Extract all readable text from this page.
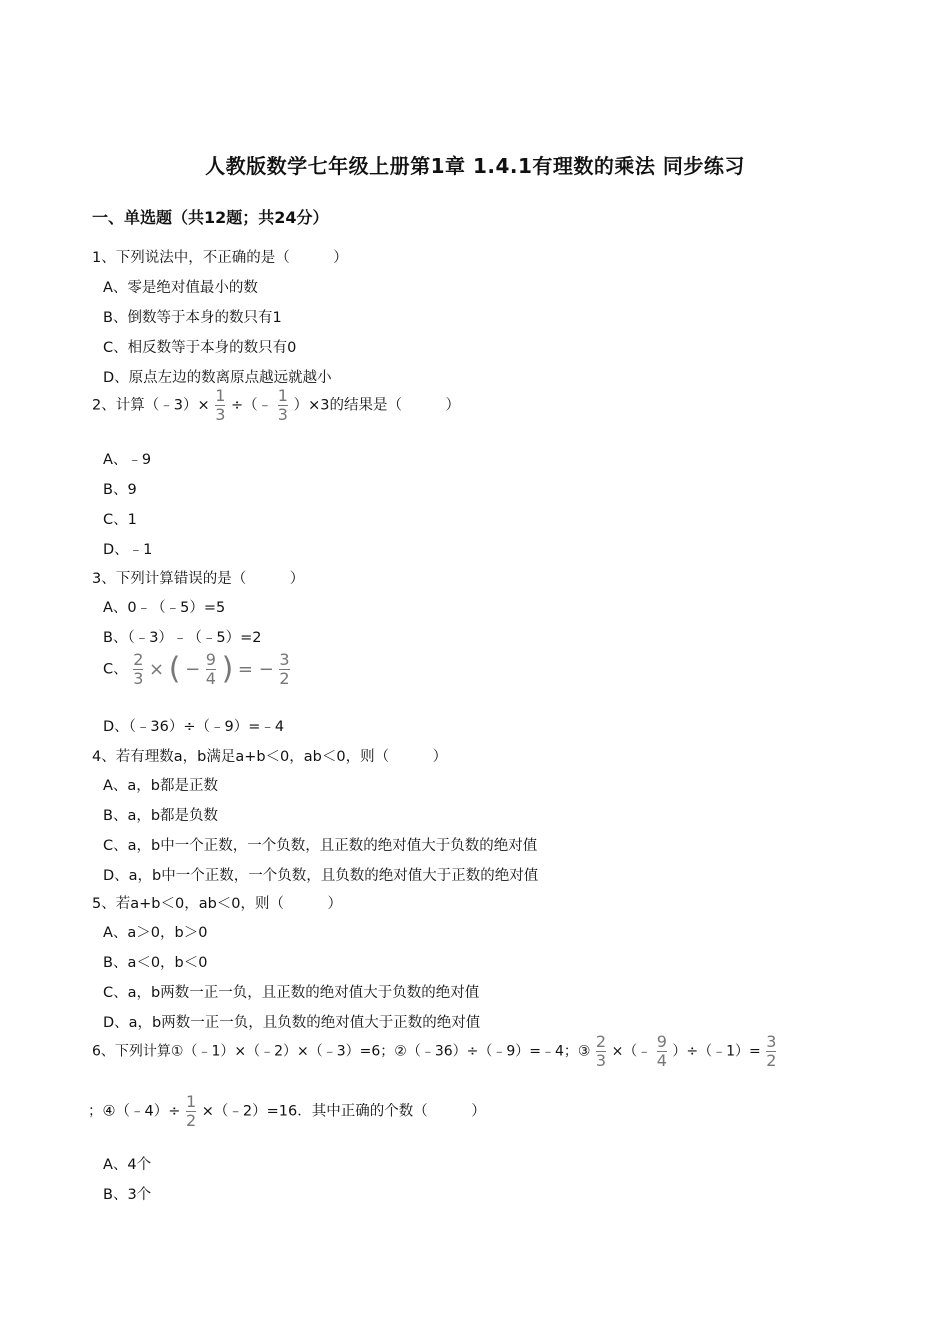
人教版数学七年级上册第1章 1.4.1有理数的乘法 同步练习
一、单选题（共12题；共24分）
1、下列说法中，不正确的是（　　　）
A、零是绝对值最小的数
B、倒数等于本身的数只有1
C、相反数等于本身的数只有0
D、原点左边的数离原点越远就越小
2、计算（﹣3）× $\frac{1}{3}$ ÷（﹣ $\frac{1}{3} )\times 3$的结果是（　　　）
A、﹣9
B、9
C、1
D、﹣1
3、下列计算错误的是（　　　）
A、0﹣（﹣5）=5
B、（﹣3）﹣（﹣5）=2
C、 $\frac{2}{3}$ × ( − $\frac{9}{4}$ ) = − $\frac{3}{2}$
D、（﹣36）÷（﹣9）=﹣4
4、若有理数a，b满足a+b＜0，ab＜0，则（　　　）
A、a，b都是正数
B、a，b都是负数
C、a，b中一个正数，一个负数，且正数的绝对值大于负数的绝对值
D、a，b中一个正数，一个负数，且负数的绝对值大于正数的绝对值
5、若a+b＜0，ab＜0，则（　　　）
A、a＞0，b＞0
B、a＜0，b＜0
C、a，b两数一正一负，且正数的绝对值大于负数的绝对值
D、a，b两数一正一负，且负数的绝对值大于正数的绝对值
6、下列计算①（﹣1）×（﹣2）×（﹣3）=6；②（﹣36）÷（﹣9）=﹣4；③ $\frac{2}{3}$ ×（﹣ $\frac{9}{4}$ ）÷（﹣1）= $\frac{3}{2}$
；④（﹣4）÷ $\frac{1}{2}$ ×（﹣2）=16．其中正确的个数（　　　）
A、4个
B、3个
